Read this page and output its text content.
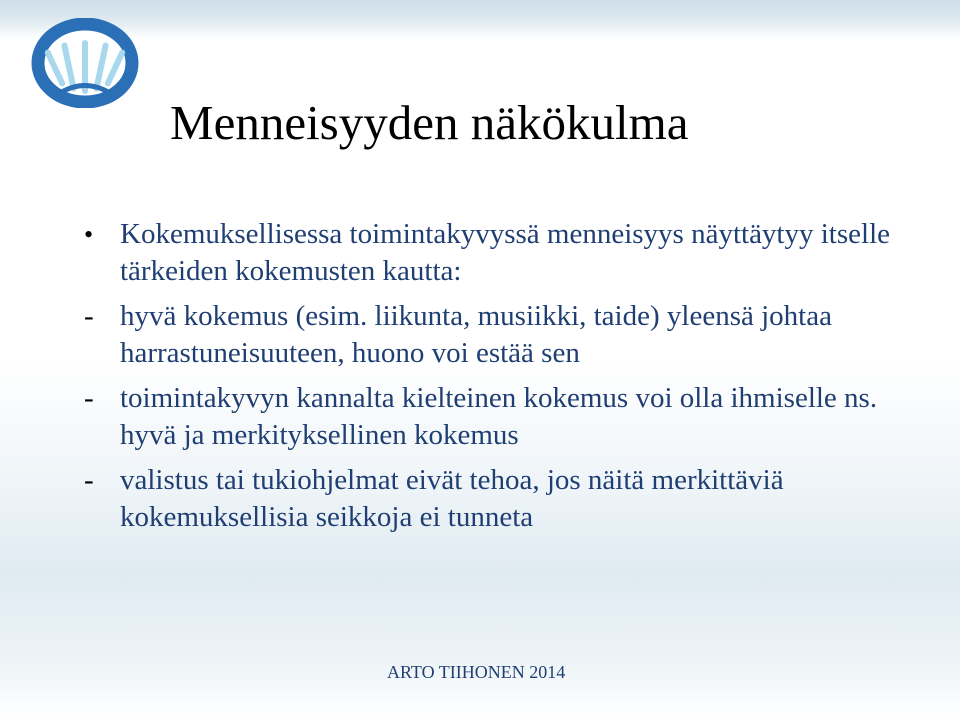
Menneisyyden näkökulma
• Kokemuksellisessa toimintakyvyssä menneisyys näyttäytyy itselle tärkeiden kokemusten kautta:
- hyvä kokemus (esim. liikunta, musiikki, taide) yleensä johtaa harrastuneisuuteen, huono voi estää sen
- toimintakyvyn kannalta kielteinen kokemus voi olla ihmiselle ns. hyvä ja merkityksellinen kokemus
- valistus tai tukiohjelmat eivät tehoa, jos näitä merkittäviä kokemuksellisia seikkoja ei tunneta
ARTO TIIHONEN 2014
